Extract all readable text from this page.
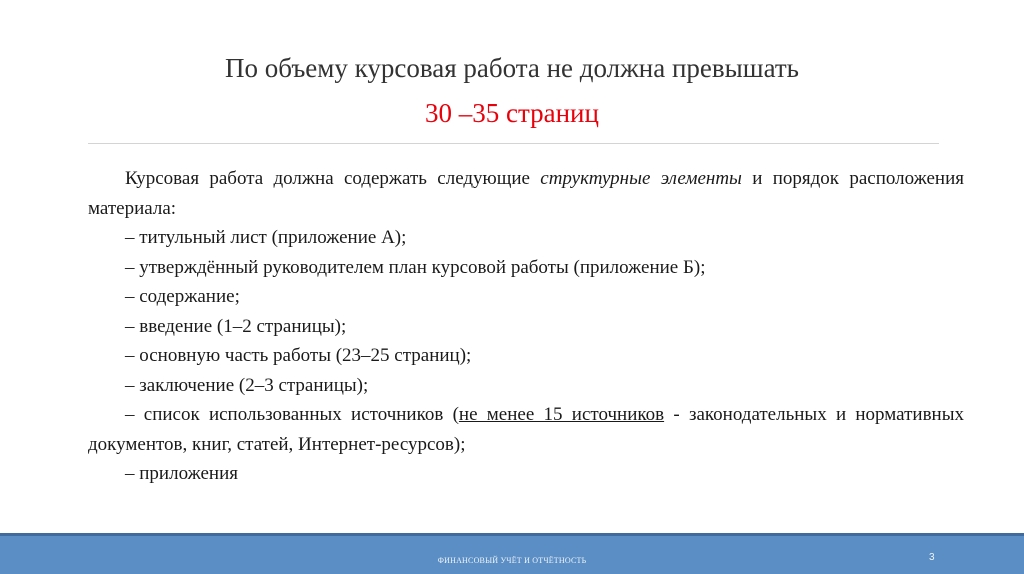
По объему курсовая работа не должна превышать
30 –35 страниц

Курсовая работа должна содержать следующие структурные элементы и порядок расположения материала:

– титульный лист (приложение А);

– утверждённый руководителем план курсовой работы (приложение Б);

– содержание;

– введение (1–2 страницы);

– основную часть работы (23–25 страниц);

– заключение (2–3 страницы);

– список использованных источников (не менее 15 источников - законодательных и нормативных документов, книг, статей, Интернет-ресурсов);

– приложения

ФИНАНСОВЫЙ УЧЁТ И ОТЧЁТНОСТЬ	3
